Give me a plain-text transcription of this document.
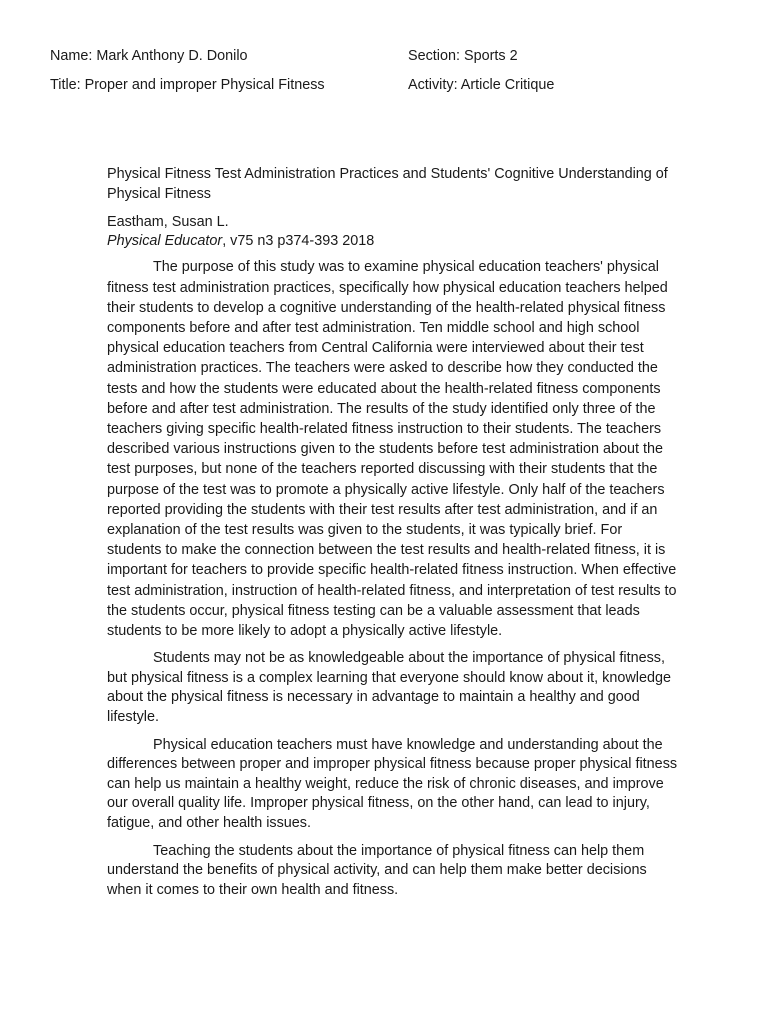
Name: Mark Anthony D. Donilo	Section: Sports 2
Title: Proper and improper Physical Fitness	Activity: Article Critique

Physical Fitness Test Administration Practices and Students' Cognitive Understanding of Physical Fitness

Eastham, Susan L.

Physical Educator, v75 n3 p374-393 2018

The purpose of this study was to examine physical education teachers' physical fitness test administration practices, specifically how physical education teachers helped their students to develop a cognitive understanding of the health-related physical fitness components before and after test administration. Ten middle school and high school physical education teachers from Central California were interviewed about their test administration practices. The teachers were asked to describe how they conducted the tests and how the students were educated about the health-related fitness components before and after test administration. The results of the study identified only three of the teachers giving specific health-related fitness instruction to their students. The teachers described various instructions given to the students before test administration about the test purposes, but none of the teachers reported discussing with their students that the purpose of the test was to promote a physically active lifestyle. Only half of the teachers reported providing the students with their test results after test administration, and if an explanation of the test results was given to the students, it was typically brief. For students to make the connection between the test results and health-related fitness, it is important for teachers to provide specific health-related fitness instruction. When effective test administration, instruction of health-related fitness, and interpretation of test results to the students occur, physical fitness testing can be a valuable assessment that leads students to be more likely to adopt a physically active lifestyle.

Students may not be as knowledgeable about the importance of physical fitness, but physical fitness is a complex learning that everyone should know about it, knowledge about the physical fitness is necessary in advantage to maintain a healthy and good lifestyle.

Physical education teachers must have knowledge and understanding about the differences between proper and improper physical fitness because proper physical fitness can help us maintain a healthy weight, reduce the risk of chronic diseases, and improve our overall quality life. Improper physical fitness, on the other hand, can lead to injury, fatigue, and other health issues.

Teaching the students about the importance of physical fitness can help them understand the benefits of physical activity, and can help them make better decisions when it comes to their own health and fitness.
